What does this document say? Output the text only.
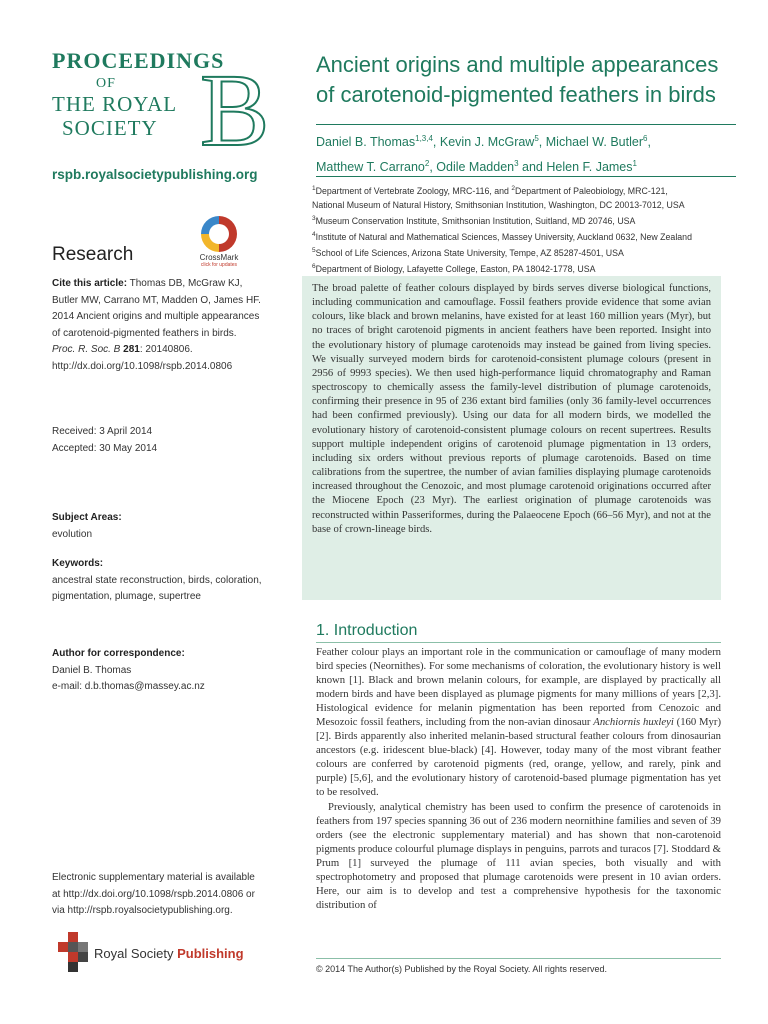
PROCEEDINGS
OF
THE ROYAL
SOCIETY B
rspb.royalsocietypublishing.org
Research	CrossMark
click for updates
Cite this article: Thomas DB, McGraw KJ, Butler MW, Carrano MT, Madden O, James HF. 2014 Ancient origins and multiple appearances of carotenoid-pigmented feathers in birds. Proc. R. Soc. B 281: 20140806. http://dx.doi.org/10.1098/rspb.2014.0806
Received: 3 April 2014
Accepted: 30 May 2014
Subject Areas:
evolution
Keywords:
ancestral state reconstruction, birds, coloration, pigmentation, plumage, supertree
Author for correspondence:
Daniel B. Thomas
e-mail: d.b.thomas@massey.ac.nz
Electronic supplementary material is available at http://dx.doi.org/10.1098/rspb.2014.0806 or via http://rspb.royalsocietypublishing.org.
Royal Society Publishing
Ancient origins and multiple appearances of carotenoid-pigmented feathers in birds
Daniel B. Thomas$^{1,3,4}$, Kevin J. McGraw$^5$, Michael W. Butler$^6$,
Matthew T. Carrano$^2$, Odile Madden$^3$ and Helen F. James$^1$
$^1$Department of Vertebrate Zoology, MRC-116, and $^2$Department of Paleobiology, MRC-121,
National Museum of Natural History, Smithsonian Institution, Washington, DC 20013-7012, USA
$^3$Museum Conservation Institute, Smithsonian Institution, Suitland, MD 20746, USA
$^4$Institute of Natural and Mathematical Sciences, Massey University, Auckland 0632, New Zealand
$^5$School of Life Sciences, Arizona State University, Tempe, AZ 85287-4501, USA
$^6$Department of Biology, Lafayette College, Easton, PA 18042-1778, USA

The broad palette of feather colours displayed by birds serves diverse biological functions, including communication and camouflage. Fossil feathers provide evidence that some avian colours, like black and brown melanins, have existed for at least 160 million years (Myr), but no traces of bright carotenoid pigments in ancient feathers have been reported. Insight into the evolutionary history of plumage carotenoids may instead be gained from living species. We visually surveyed modern birds for carotenoid-consistent plumage colours (present in 2956 of 9993 species). We then used high-performance liquid chromatography and Raman spectroscopy to chemically assess the family-level distribution of plumage carotenoids, confirming their presence in 95 of 236 extant bird families (only 36 family-level occurrences had been confirmed previously). Using our data for all modern birds, we modelled the evolutionary history of carotenoid-consistent plumage colours on recent supertrees. Results support multiple independent origins of carotenoid plumage pigmentation in 13 orders, including six orders without previous reports of plumage carotenoids. Based on time calibrations from the supertree, the number of avian families displaying plumage carotenoids increased throughout the Cenozoic, and most plumage carotenoid originations occurred after the Miocene Epoch (23 Myr). The earliest origination of plumage carotenoids was reconstructed within Passeriformes, during the Palaeocene Epoch (66–56 Myr), and not at the base of crown-lineage birds.
1. Introduction

Feather colour plays an important role in the communication or camouflage of many modern bird species (Neornithes). For some mechanisms of coloration, the evolutionary history is well known [1]. Black and brown melanin colours, for example, are displayed by practically all modern birds and have been displayed as plumage pigments for many millions of years [2,3]. Histological evidence for melanin pigmentation has been reported from Cenozoic and Mesozoic fossil feathers, including from the non-avian dinosaur Anchiornis huxleyi (160 Myr) [2]. Birds apparently also inherited melanin-based structural feather colours from dinosaurian ancestors (e.g. iridescent blue-black) [4]. However, today many of the most vibrant feather colours are conferred by carotenoid pigments (red, orange, yellow, and rarely, pink and purple) [5,6], and the evolutionary history of carotenoid-based plumage pigmentation has yet to be resolved.

Previously, analytical chemistry has been used to confirm the presence of carotenoids in feathers from 197 species spanning 36 out of 236 modern neornithine families and seven of 39 orders (see the electronic supplementary material) and has shown that non-carotenoid pigments produce colourful plumage displays in penguins, parrots and turacos [7]. Stoddard & Prum [1] surveyed the plumage of 111 avian species, both visually and with spectrophotometry and proposed that plumage carotenoids were present in 10 avian orders. Here, our aim is to develop and test a comprehensive hypothesis for the taxonomic distribution of

© 2014 The Author(s) Published by the Royal Society. All rights reserved.
